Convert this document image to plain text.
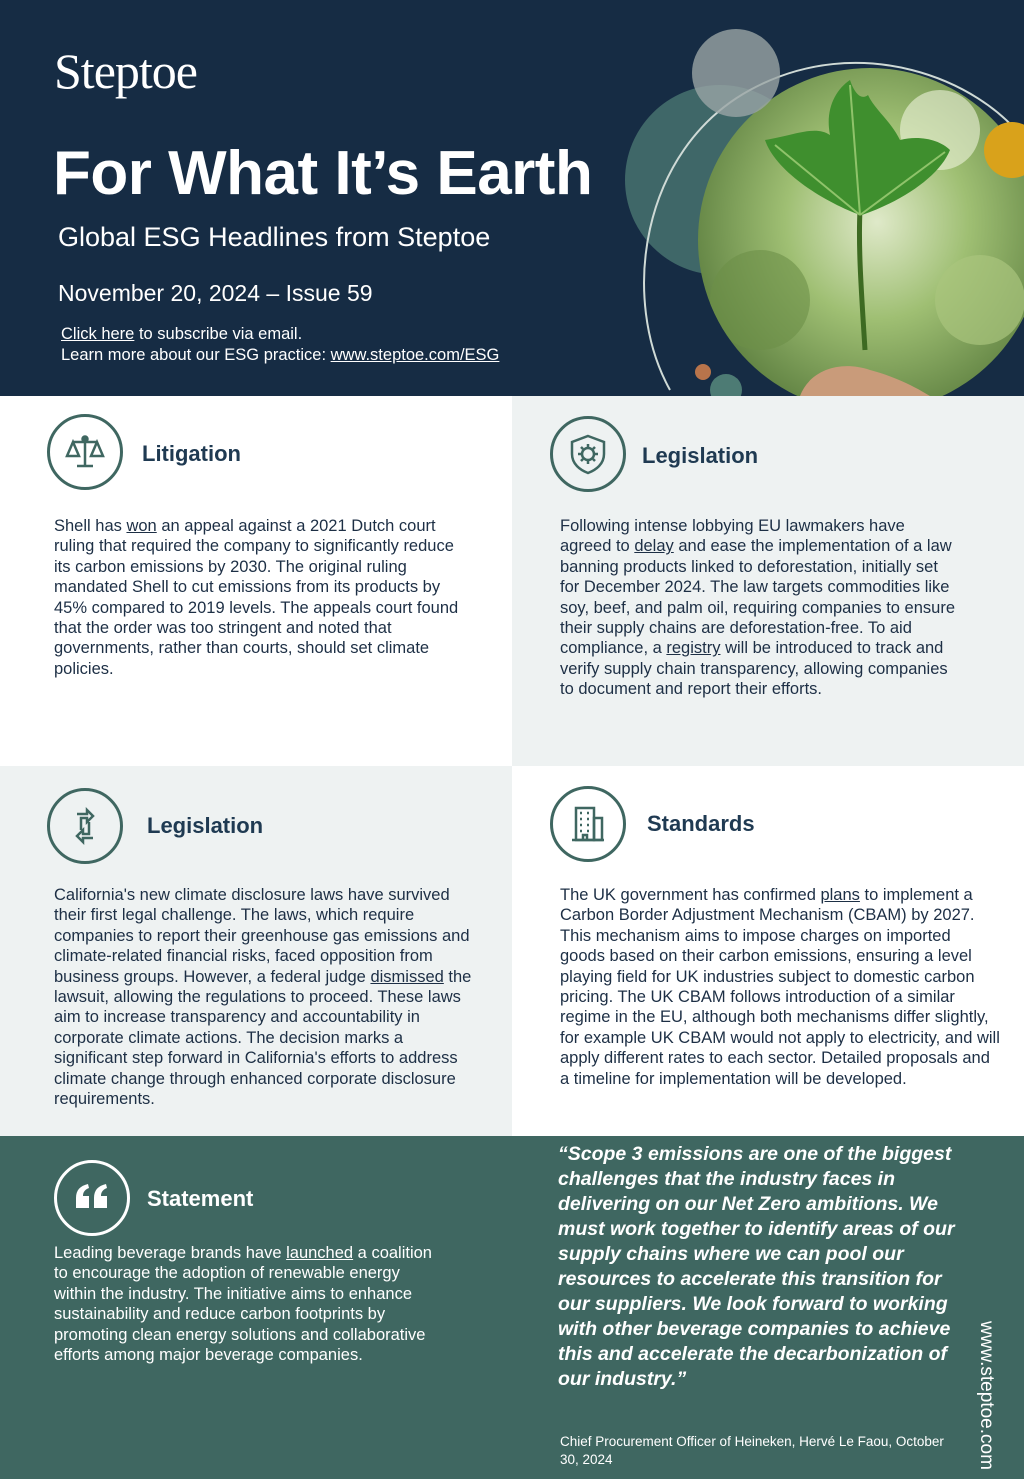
Steptoe
For What It’s Earth
Global ESG Headlines from Steptoe
November 20, 2024 – Issue 59
Click here to subscribe via email.
Learn more about our ESG practice: www.steptoe.com/ESG
Litigation
Shell has won an appeal against a 2021 Dutch court ruling that required the company to significantly reduce its carbon emissions by 2030. The original ruling mandated Shell to cut emissions from its products by 45% compared to 2019 levels. The appeals court found that the order was too stringent and noted that governments, rather than courts, should set climate policies.
Legislation
Following intense lobbying EU lawmakers have agreed to delay and ease the implementation of a law banning products linked to deforestation, initially set for December 2024. The law targets commodities like soy, beef, and palm oil, requiring companies to ensure their supply chains are deforestation-free. To aid compliance, a registry will be introduced to track and verify supply chain transparency, allowing companies to document and report their efforts.
Legislation
California's new climate disclosure laws have survived their first legal challenge. The laws, which require companies to report their greenhouse gas emissions and climate-related financial risks, faced opposition from business groups. However, a federal judge dismissed the lawsuit, allowing the regulations to proceed. These laws aim to increase transparency and accountability in corporate climate actions. The decision marks a significant step forward in California's efforts to address climate change through enhanced corporate disclosure requirements.
Standards
The UK government has confirmed plans to implement a Carbon Border Adjustment Mechanism (CBAM) by 2027. This mechanism aims to impose charges on imported goods based on their carbon emissions, ensuring a level playing field for UK industries subject to domestic carbon pricing. The UK CBAM follows introduction of a similar regime in the EU, although both mechanisms differ slightly, for example UK CBAM would not apply to electricity, and will apply different rates to each sector. Detailed proposals and a timeline for implementation will be developed.
Statement
Leading beverage brands have launched a coalition to encourage the adoption of renewable energy within the industry. The initiative aims to enhance sustainability and reduce carbon footprints by promoting clean energy solutions and collaborative efforts among major beverage companies.
“Scope 3 emissions are one of the biggest challenges that the industry faces in delivering on our Net Zero ambitions. We must work together to identify areas of our supply chains where we can pool our resources to accelerate this transition for our suppliers. We look forward to working with other beverage companies to achieve this and accelerate the decarbonization of our industry.”
Chief Procurement Officer of Heineken, Hervé Le Faou, October 30, 2024	www.steptoe.com
